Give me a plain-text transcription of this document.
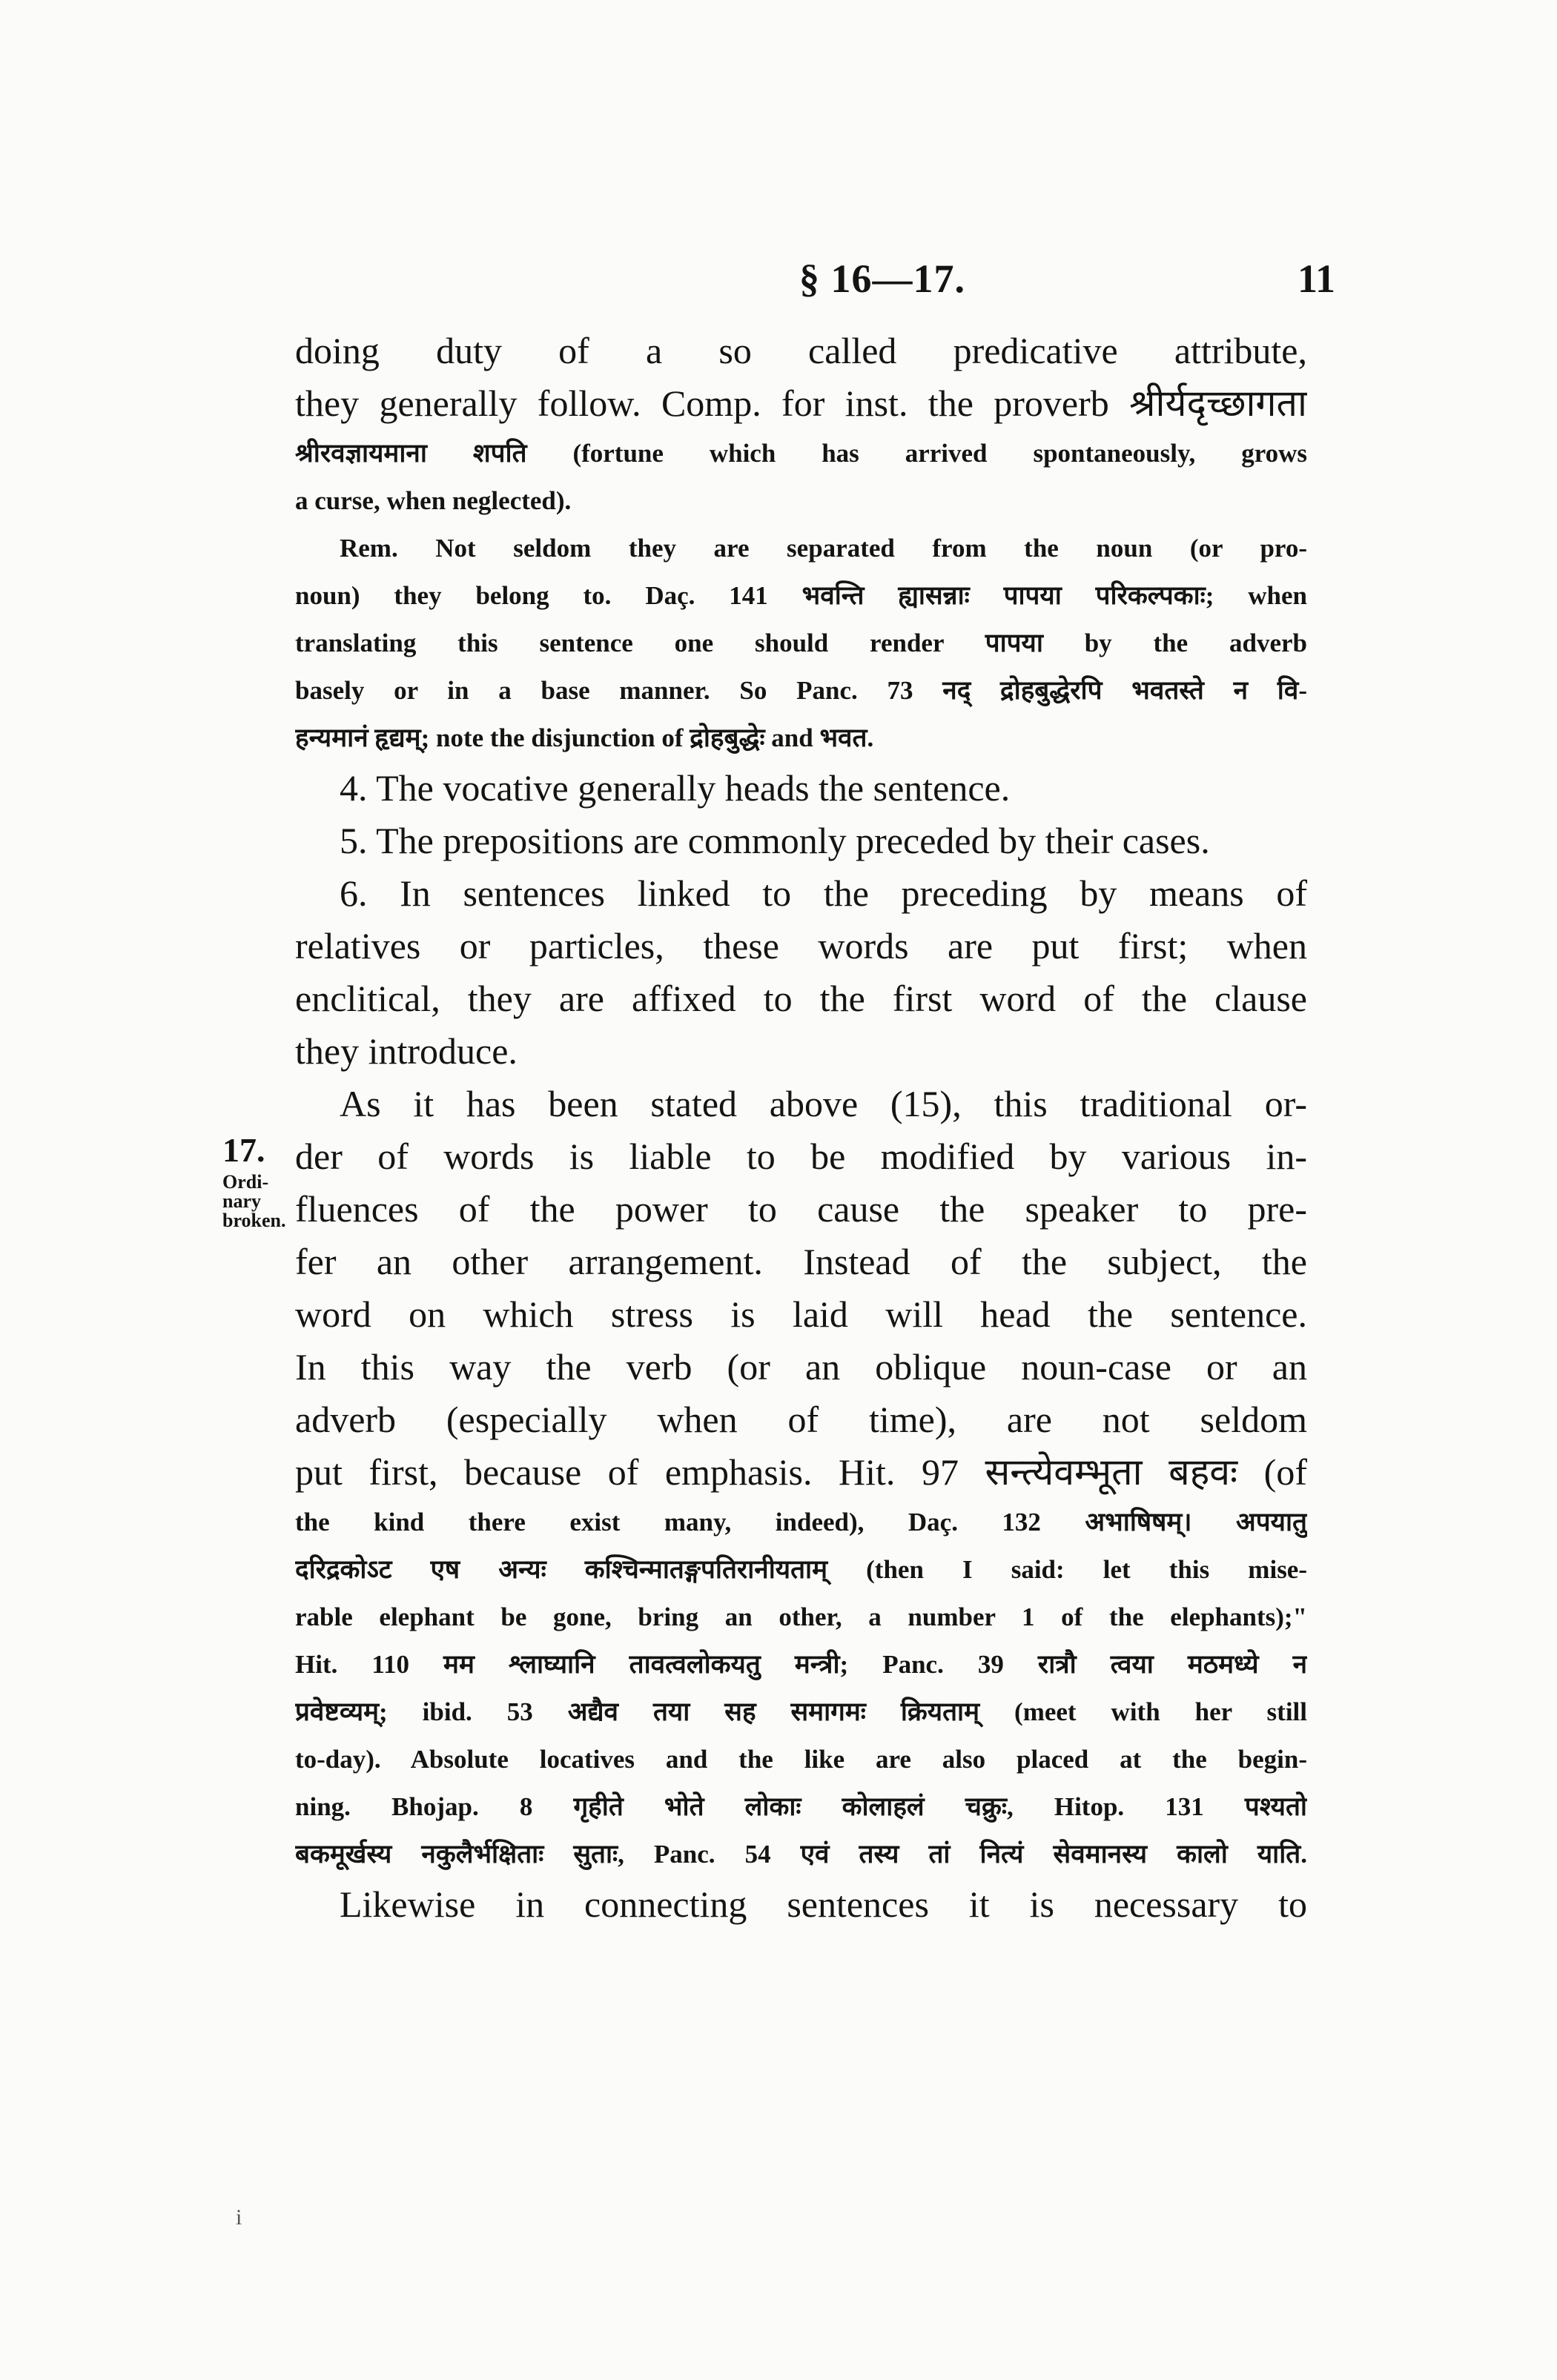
§ 16—17.	11
17.
Ordi-
nary
broken.
doing duty of a so called predicative attribute,
they generally follow. Comp. for inst. the proverb श्रीर्यदृच्छागता
श्रीरवज्ञायमाना शपति (fortune which has arrived spontaneously, grows
a curse, when neglected).
Rem. Not seldom they are separated from the noun (or pro-
noun) they belong to. Daç. 141 भवन्ति ह्यासन्नाः पापया परिकल्पकाः; when
translating this sentence one should render पापया by the adverb
basely or in a base manner. So Panc. 73 नद् द्रोहबुद्धेरपि भवतस्ते न वि-
हन्यमानं हृद्यम्; note the disjunction of द्रोहबुद्धेः and भवत.
4. The vocative generally heads the sentence.
5. The prepositions are commonly preceded by their cases.
6. In sentences linked to the preceding by means of
relatives or particles, these words are put first; when
enclitical, they are affixed to the first word of the clause
they introduce.
As it has been stated above (15), this traditional or-
der of words is liable to be modified by various in-
fluences of the power to cause the speaker to pre-
fer an other arrangement. Instead of the subject, the
word on which stress is laid will head the sentence.
In this way the verb (or an oblique noun-case or an
adverb (especially when of time), are not seldom
put first, because of emphasis. Hit. 97 सन्त्येवम्भूता बहवः (of
the kind there exist many, indeed), Daç. 132 अभाषिषम्। अपयातु
दरिद्रकोऽट एष अन्यः कश्चिन्मातङ्गपतिरानीयताम् (then I said: let this mise-
rable elephant be gone, bring an other, a number 1 of the elephants);"
Hit. 110 मम श्लाघ्यानि तावत्वलोकयतु मन्त्री; Panc. 39 रात्रौ त्वया मठमध्ये न
प्रवेष्टव्यम्; ibid. 53 अद्यैव तया सह समागमः क्रियताम् (meet with her still
to-day). Absolute locatives and the like are also placed at the begin-
ning. Bhojap. 8 गृहीते भोते लोकाः कोलाहलं चक्रुः, Hitop. 131 पश्यतो
बकमूर्खस्य नकुलैर्भक्षिताः सुताः, Panc. 54 एवं तस्य तां नित्यं सेवमानस्य कालो याति.
Likewise in connecting sentences it is necessary to
i
